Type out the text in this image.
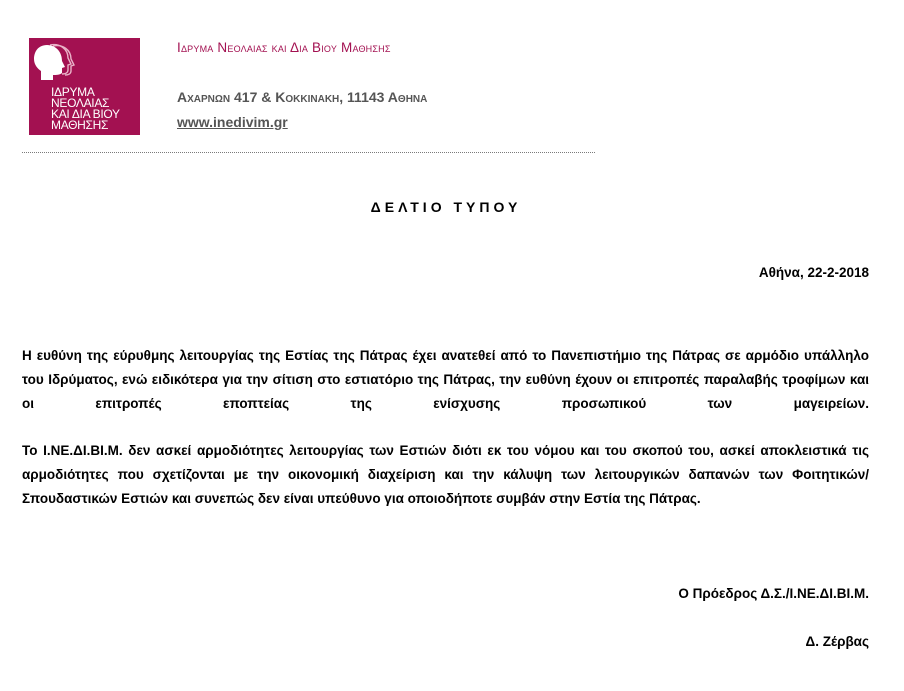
ΙΔΡΥΜΑ
ΝΕΟΛΑΙΑΣ
ΚΑΙ ΔΙΑ ΒΙΟΥ
ΜΑΘΗΣΗΣ
Ιδρυμα Νεολαιας και Δια Βιου Μαθησης
Αχαρνων 417 & Κοκκινακη, 11143 Αθηνα
www.inedivim.gr
ΔΕΛΤΙΟ ΤΥΠΟΥ
Αθήνα, 22-2-2018
Η ευθύνη της εύρυθμης λειτουργίας της Εστίας της Πάτρας έχει ανατεθεί από το Πανεπιστήμιο της Πάτρας σε αρμόδιο υπάλληλο του Ιδρύματος, ενώ ειδικότερα για την σίτιση στο εστιατόριο της Πάτρας, την ευθύνη έχουν οι επιτροπές παραλαβής τροφίμων και οι επιτροπές εποπτείας της ενίσχυσης προσωπικού των μαγειρείων.
Το Ι.ΝΕ.ΔΙ.ΒΙ.Μ. δεν ασκεί αρμοδιότητες λειτουργίας των Εστιών διότι εκ του νόμου και του σκοπού του, ασκεί αποκλειστικά τις αρμοδιότητες που σχετίζονται με την οικονομική διαχείριση και την κάλυψη των λειτουργικών δαπανών των Φοιτητικών/Σπουδαστικών Εστιών και συνεπώς δεν είναι υπεύθυνο για οποιοδήποτε συμβάν στην Εστία της Πάτρας.
Ο Πρόεδρος Δ.Σ./Ι.ΝΕ.ΔΙ.ΒΙ.Μ.
Δ. Ζέρβας
